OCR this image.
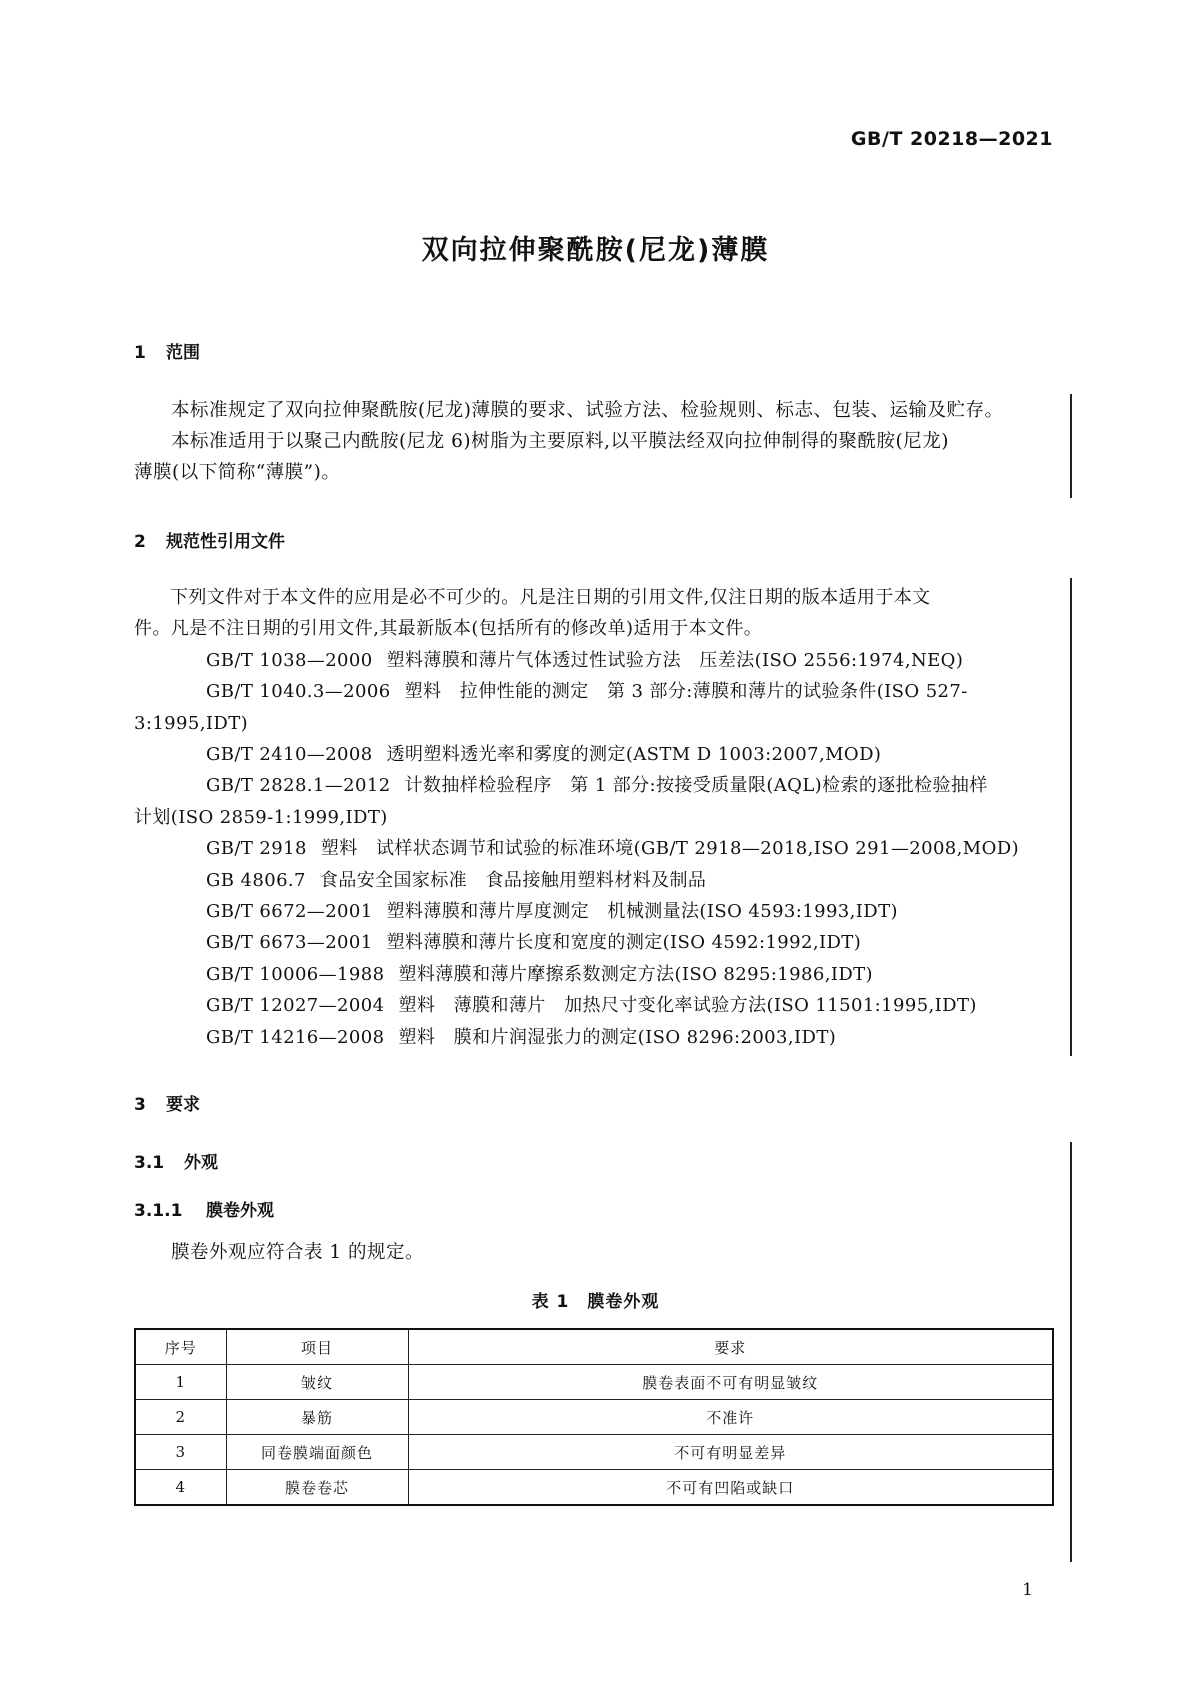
GB/T 20218—2021
双向拉伸聚酰胺(尼龙)薄膜
1 范围

本标准规定了双向拉伸聚酰胺(尼龙)薄膜的要求、试验方法、检验规则、标志、包装、运输及贮存。

本标准适用于以聚己内酰胺(尼龙 6)树脂为主要原料,以平膜法经双向拉伸制得的聚酰胺(尼龙)

薄膜(以下简称“薄膜”)。

2 规范性引用文件

下列文件对于本文件的应用是必不可少的。凡是注日期的引用文件,仅注日期的版本适用于本文

件。凡是不注日期的引用文件,其最新版本(包括所有的修改单)适用于本文件。

GB/T 1038—2000 塑料薄膜和薄片气体透过性试验方法　压差法(ISO 2556:1974,NEQ)

GB/T 1040.3—2006 塑料　拉伸性能的测定　第 3 部分:薄膜和薄片的试验条件(ISO 527-

3:1995,IDT)

GB/T 2410—2008 透明塑料透光率和雾度的测定(ASTM D 1003:2007,MOD)

GB/T 2828.1—2012 计数抽样检验程序　第 1 部分:按接受质量限(AQL)检索的逐批检验抽样

计划(ISO 2859-1:1999,IDT)

GB/T 2918 塑料　试样状态调节和试验的标准环境(GB/T 2918—2018,ISO 291—2008,MOD)

GB 4806.7 食品安全国家标准　食品接触用塑料材料及制品

GB/T 6672—2001 塑料薄膜和薄片厚度测定　机械测量法(ISO 4593:1993,IDT)

GB/T 6673—2001 塑料薄膜和薄片长度和宽度的测定(ISO 4592:1992,IDT)

GB/T 10006—1988 塑料薄膜和薄片摩擦系数测定方法(ISO 8295:1986,IDT)

GB/T 12027—2004 塑料　薄膜和薄片　加热尺寸变化率试验方法(ISO 11501:1995,IDT)

GB/T 14216—2008 塑料　膜和片润湿张力的测定(ISO 8296:2003,IDT)

3 要求
3.1 外观
3.1.1 膜卷外观

膜卷外观应符合表 1 的规定。

表 1　膜卷外观
序号	项目	要求
1	皱纹	膜卷表面不可有明显皱纹
2	暴筋	不准许
3	同卷膜端面颜色	不可有明显差异
4	膜卷卷芯	不可有凹陷或缺口
1
